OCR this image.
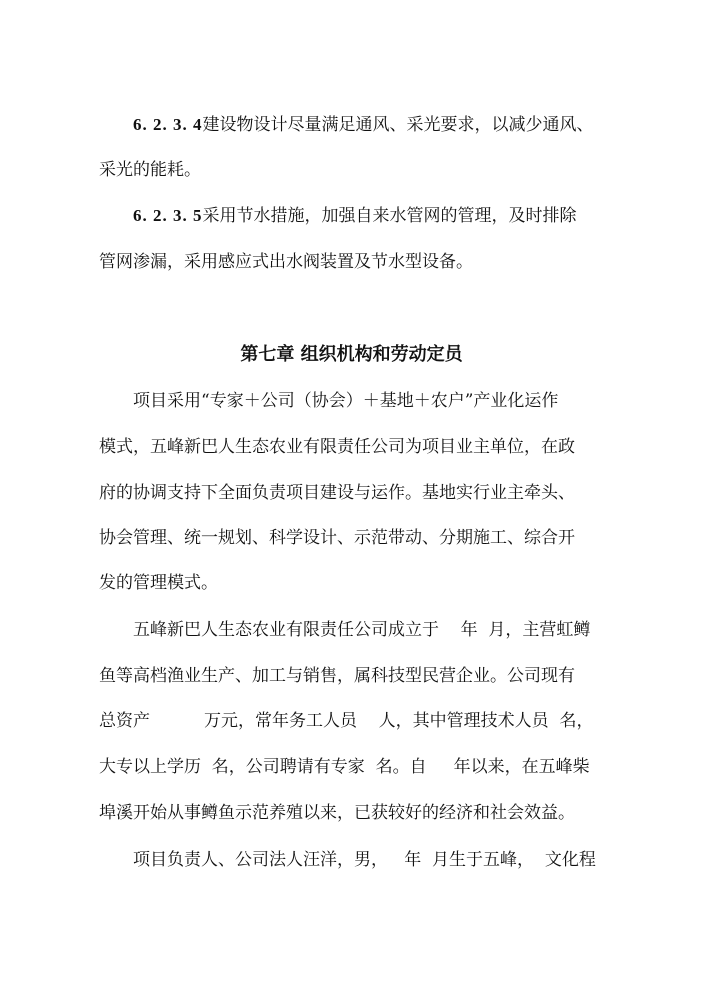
6. 2. 3. 4建设物设计尽量满足通风、采光要求，以减少通风、
采光的能耗。
6. 2. 3. 5采用节水措施，加强自来水管网的管理，及时排除
管网渗漏，采用感应式出水阀装置及节水型设备。
第七章 组织机构和劳动定员
项目采用“专家＋公司（协会）＋基地＋农户”产业化运作
模式，五峰新巴人生态农业有限责任公司为项目业主单位，在政
府的协调支持下全面负责项目建设与运作。基地实行业主牵头、
协会管理、统一规划、科学设计、示范带动、分期施工、综合开
发的管理模式。
五峰新巴人生态农业有限责任公司成立于    年  月，主营虹鳟
鱼等高档渔业生产、加工与销售，属科技型民营企业。公司现有
总资产          万元，常年务工人员    人，其中管理技术人员  名，
大专以上学历  名，公司聘请有专家  名。自     年以来，在五峰柴
埠溪开始从事鳟鱼示范养殖以来，已获较好的经济和社会效益。
项目负责人、公司法人汪洋，男，   年  月生于五峰，  文化程
